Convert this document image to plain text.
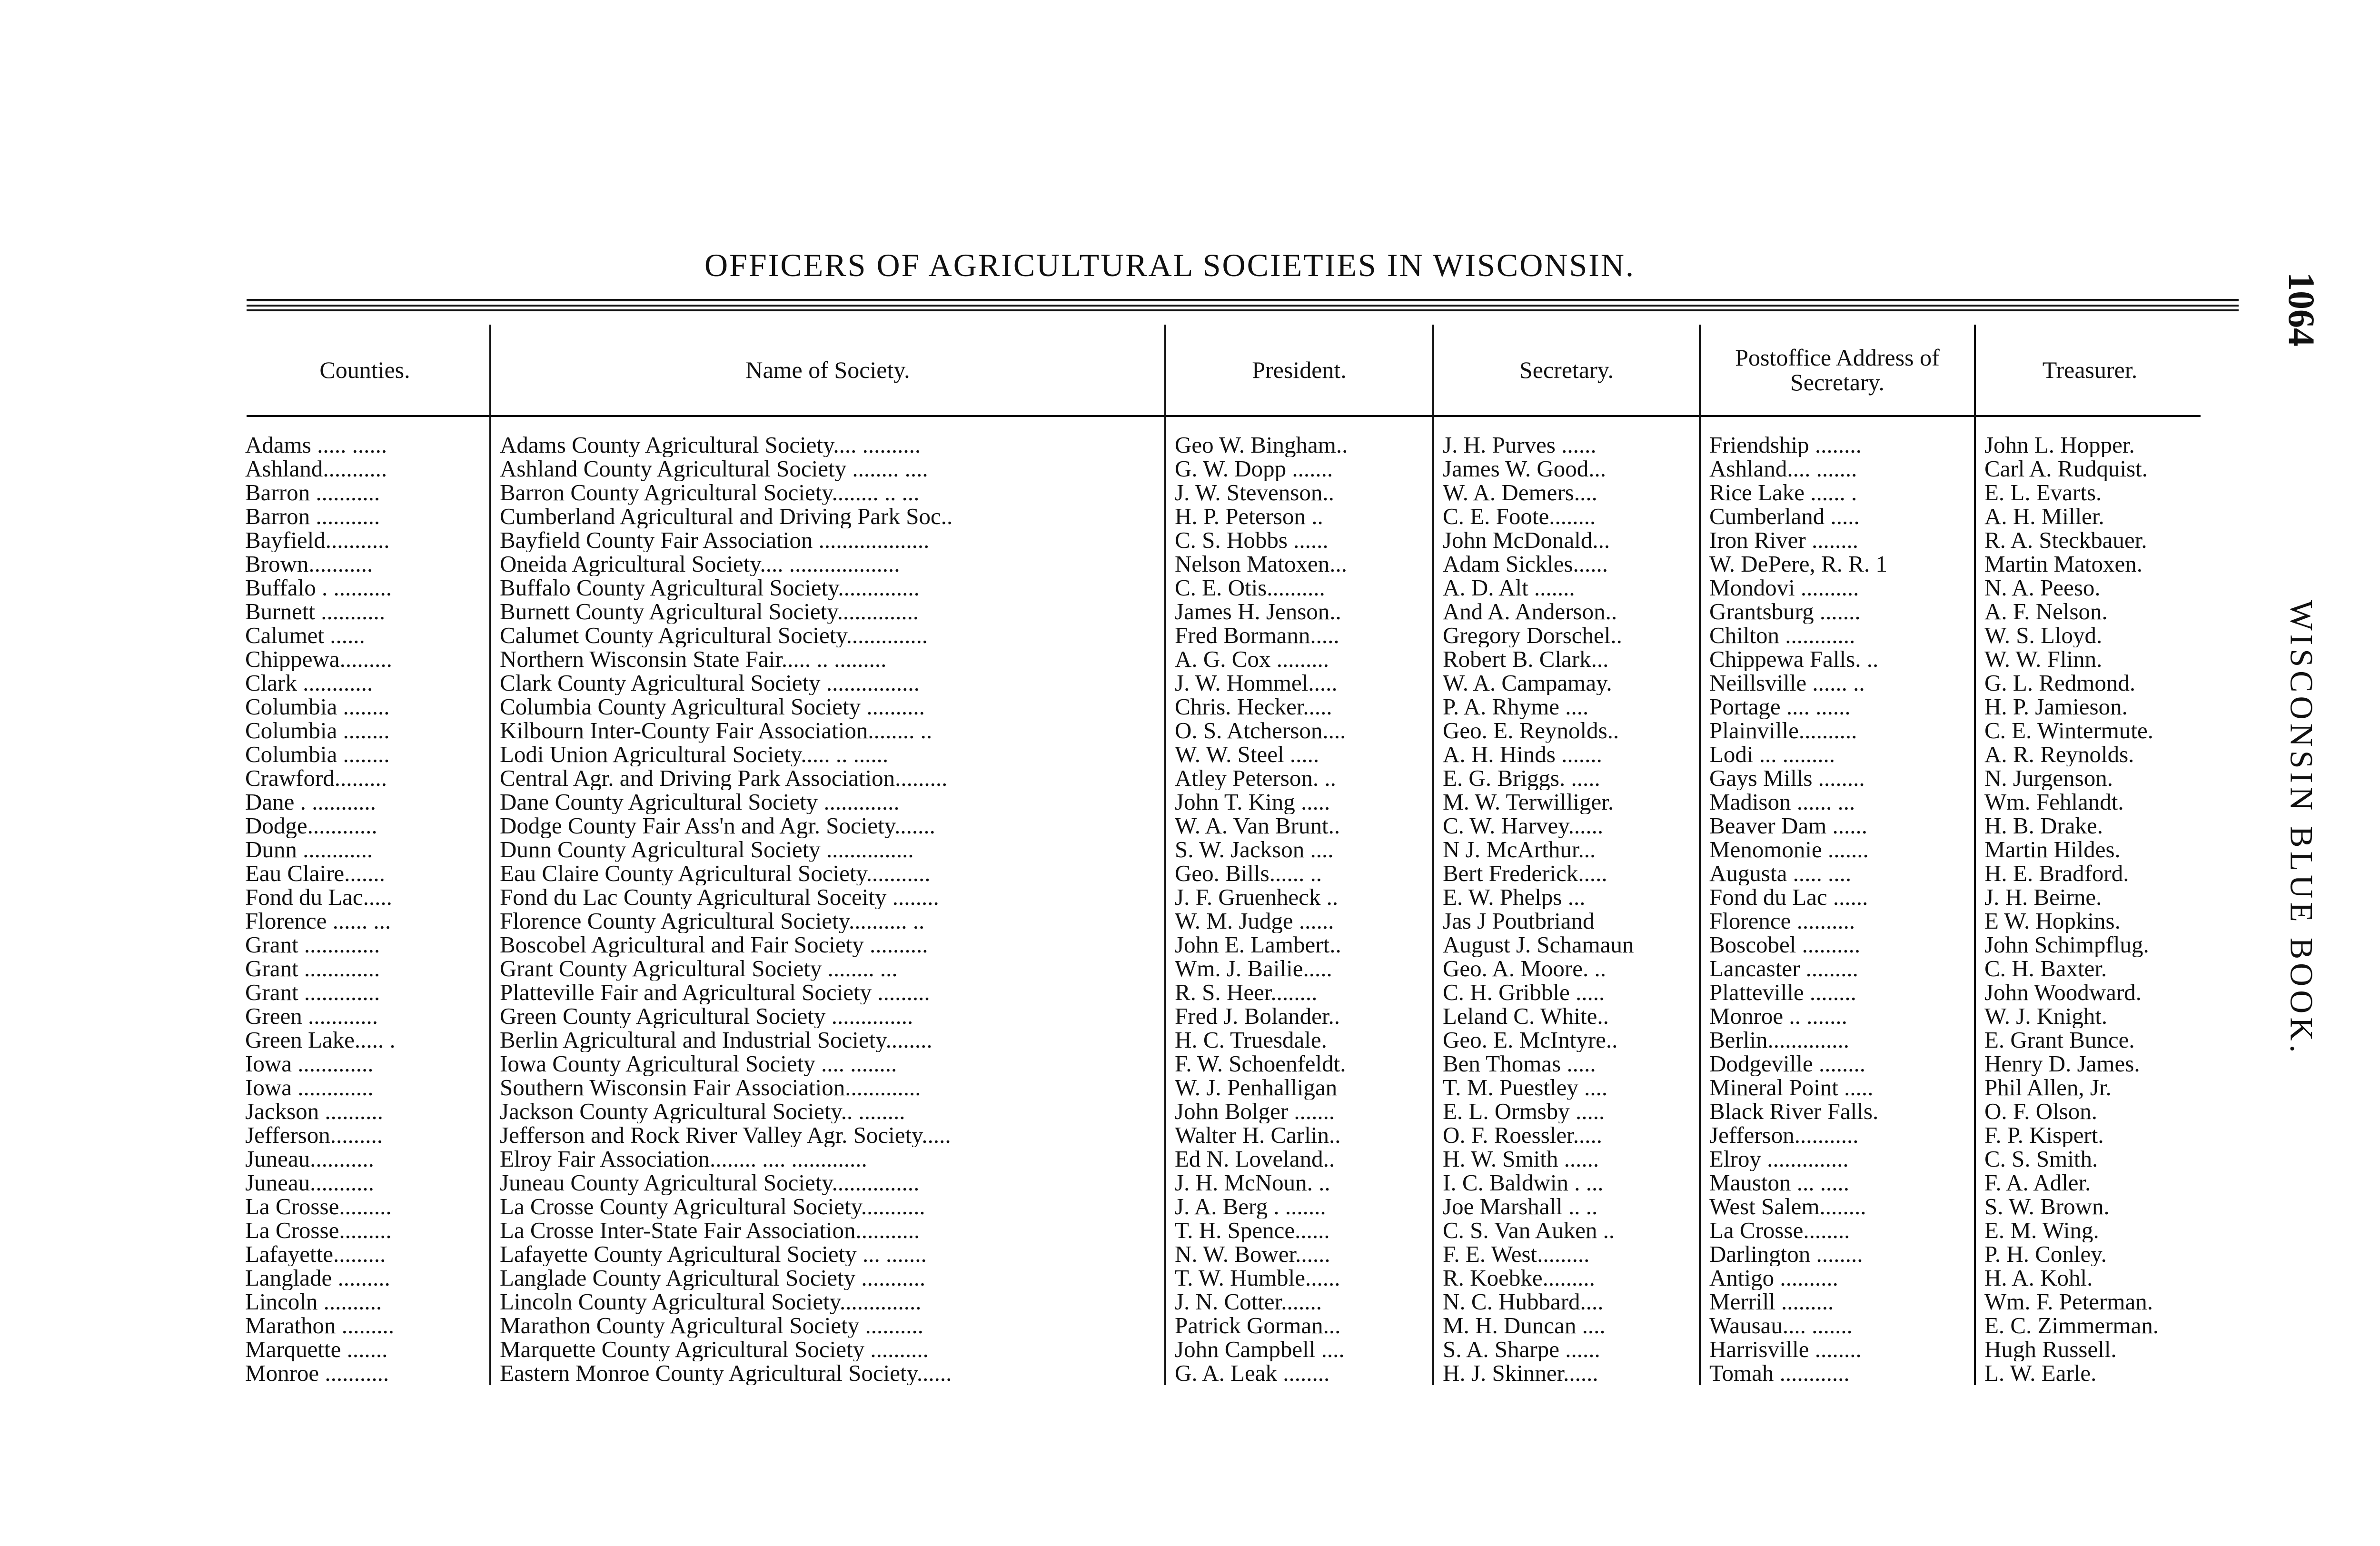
OFFICERS OF AGRICULTURAL SOCIETIES IN WISCONSIN.
1064
WISCONSIN BLUE BOOK.
Counties.	Name of Society.	President.	Secretary.	Postoffice Address of Secretary.	Treasurer.

Adams ..... ......	Adams County Agricultural Society.... ..........	Geo W. Bingham..	J. H. Purves ......	Friendship ........	John L. Hopper.
Ashland...........	Ashland County Agricultural Society ........ ....	G. W. Dopp .......	James W. Good...	Ashland.... .......	Carl A. Rudquist.
Barron ...........	Barron County Agricultural Society........ .. ...	J. W. Stevenson..	W. A. Demers....	Rice Lake ...... .	E. L. Evarts.
Barron ...........	Cumberland Agricultural and Driving Park Soc..	H. P. Peterson ..	C. E. Foote........	Cumberland .....	A. H. Miller.
Bayfield...........	Bayfield County Fair Association ...................	C. S. Hobbs ......	John McDonald...	Iron River ........	R. A. Steckbauer.
Brown...........	Oneida Agricultural Society.... ...................	Nelson Matoxen...	Adam Sickles......	W. DePere, R. R. 1	Martin Matoxen.
Buffalo . ..........	Buffalo County Agricultural Society..............	C. E. Otis..........	A. D. Alt .......	Mondovi ..........	N. A. Peeso.
Burnett ...........	Burnett County Agricultural Society..............	James H. Jenson..	And A. Anderson..	Grantsburg .......	A. F. Nelson.
Calumet ......	Calumet County Agricultural Society..............	Fred Bormann.....	Gregory Dorschel..	Chilton ............	W. S. Lloyd.
Chippewa.........	Northern Wisconsin State Fair..... .. .........	A. G. Cox .........	Robert B. Clark...	Chippewa Falls. ..	W. W. Flinn.
Clark ............	Clark County Agricultural Society ................	J. W. Hommel.....	W. A. Campamay.	Neillsville ...... ..	G. L. Redmond.
Columbia ........	Columbia County Agricultural Society ..........	Chris. Hecker.....	P. A. Rhyme ....	Portage .... ......	H. P. Jamieson.
Columbia ........	Kilbourn Inter-County Fair Association........ ..	O. S. Atcherson....	Geo. E. Reynolds..	Plainville..........	C. E. Wintermute.
Columbia ........	Lodi Union Agricultural Society..... .. ......	W. W. Steel .....	A. H. Hinds .......	Lodi ... .........	A. R. Reynolds.
Crawford.........	Central Agr. and Driving Park Association.........	Atley Peterson. ..	E. G. Briggs. .....	Gays Mills ........	N. Jurgenson.
Dane . ...........	Dane County Agricultural Society .............	John T. King .....	M. W. Terwilliger.	Madison ...... ...	Wm. Fehlandt.
Dodge............	Dodge County Fair Ass'n and Agr. Society.......	W. A. Van Brunt..	C. W. Harvey......	Beaver Dam ......	H. B. Drake.
Dunn ............	Dunn County Agricultural Society ...............	S. W. Jackson ....	N J. McArthur...	Menomonie .......	Martin Hildes.
Eau Claire.......	Eau Claire County Agricultural Society...........	Geo. Bills...... ..	Bert Frederick.....	Augusta ..... ....	H. E. Bradford.
Fond du Lac.....	Fond du Lac County Agricultural Soceity ........	J. F. Gruenheck ..	E. W. Phelps ...	Fond du Lac ......	J. H. Beirne.
Florence ...... ...	Florence County Agricultural Society.......... ..	W. M. Judge ......	Jas J Poutbriand	Florence ..........	E W. Hopkins.
Grant .............	Boscobel Agricultural and Fair Society ..........	John E. Lambert..	August J. Schamaun	Boscobel ..........	John Schimpflug.
Grant .............	Grant County Agricultural Society ........ ...	Wm. J. Bailie.....	Geo. A. Moore. ..	Lancaster .........	C. H. Baxter.
Grant .............	Platteville Fair and Agricultural Society .........	R. S. Heer........	C. H. Gribble .....	Platteville ........	John Woodward.
Green ............	Green County Agricultural Society ..............	Fred J. Bolander..	Leland C. White..	Monroe .. .......	W. J. Knight.
Green Lake..... .	Berlin Agricultural and Industrial Society........	H. C. Truesdale.	Geo. E. McIntyre..	Berlin..............	E. Grant Bunce.
Iowa .............	Iowa County Agricultural Society .... ........	F. W. Schoenfeldt.	Ben Thomas .....	Dodgeville ........	Henry D. James.
Iowa .............	Southern Wisconsin Fair Association.............	W. J. Penhalligan	T. M. Puestley ....	Mineral Point .....	Phil Allen, Jr.
Jackson ..........	Jackson County Agricultural Society.. ........	John Bolger .......	E. L. Ormsby .....	Black River Falls.	O. F. Olson.
Jefferson.........	Jefferson and Rock River Valley Agr. Society.....	Walter H. Carlin..	O. F. Roessler.....	Jefferson...........	F. P. Kispert.
Juneau...........	Elroy Fair Association........ .... .............	Ed N. Loveland..	H. W. Smith ......	Elroy ..............	C. S. Smith.
Juneau...........	Juneau County Agricultural Society...............	J. H. McNoun. ..	I. C. Baldwin . ...	Mauston ... .....	F. A. Adler.
La Crosse.........	La Crosse County Agricultural Society...........	J. A. Berg . .......	Joe Marshall .. ..	West Salem........	S. W. Brown.
La Crosse.........	La Crosse Inter-State Fair Association...........	T. H. Spence......	C. S. Van Auken ..	La Crosse........	E. M. Wing.
Lafayette.........	Lafayette County Agricultural Society ... .......	N. W. Bower......	F. E. West.........	Darlington ........	P. H. Conley.
Langlade .........	Langlade County Agricultural Society ...........	T. W. Humble......	R. Koebke.........	Antigo ..........	H. A. Kohl.
Lincoln ..........	Lincoln County Agricultural Society..............	J. N. Cotter.......	N. C. Hubbard....	Merrill .........	Wm. F. Peterman.
Marathon .........	Marathon County Agricultural Society ..........	Patrick Gorman...	M. H. Duncan ....	Wausau.... .......	E. C. Zimmerman.
Marquette .......	Marquette County Agricultural Society ..........	John Campbell ....	S. A. Sharpe ......	Harrisville ........	Hugh Russell.
Monroe ...........	Eastern Monroe County Agricultural Society......	G. A. Leak ........	H. J. Skinner......	Tomah ............	L. W. Earle.
